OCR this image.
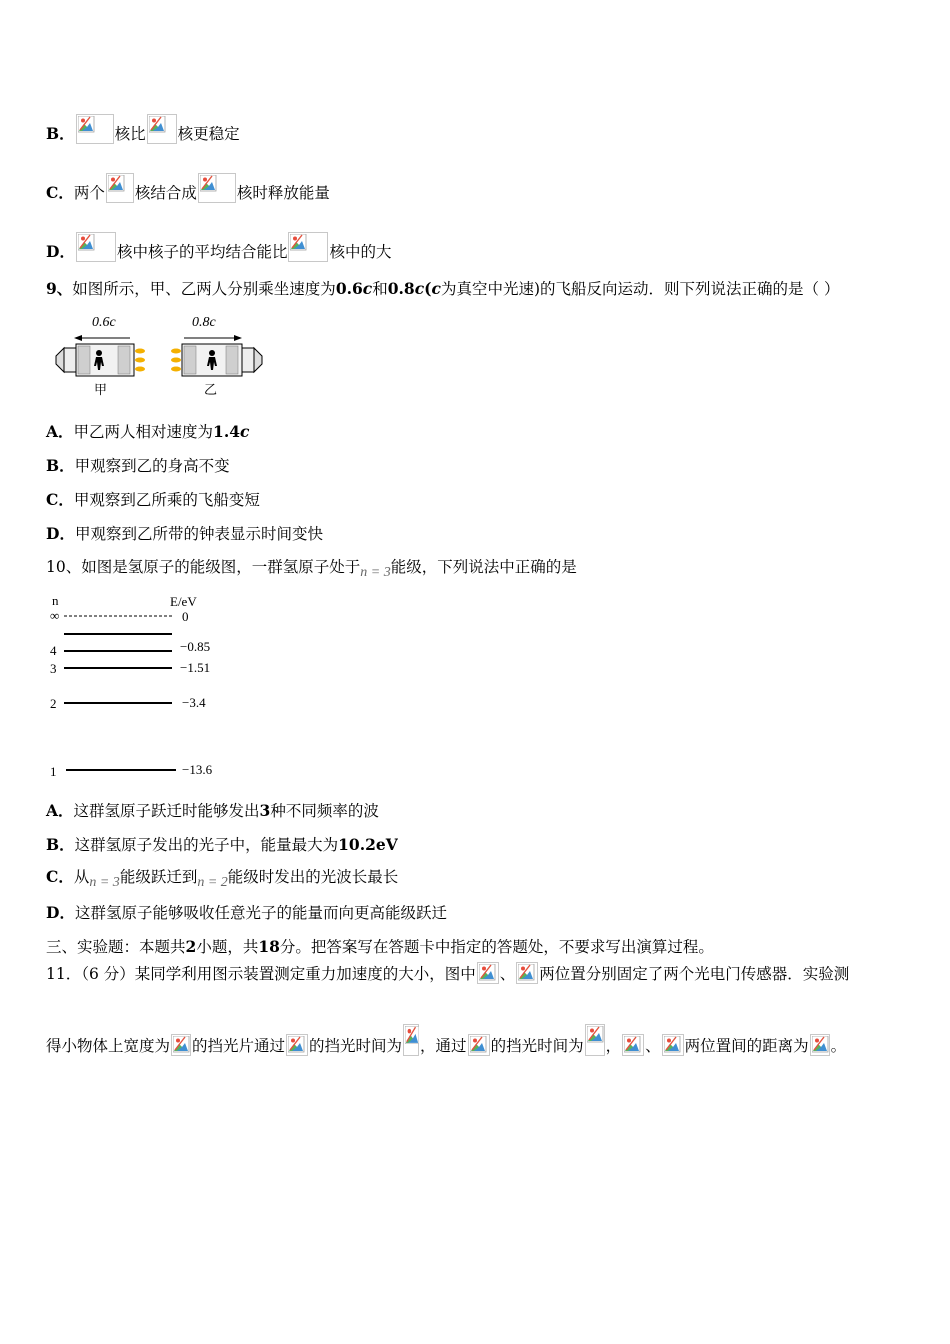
B．	核比 核更稳定
C．两个 核结合成	核时释放能量
D．	核中核子的平均结合能比	核中的大
9、如图所示，甲、乙两人分别乘坐速度为0.6c和0.8c(c为真空中光速)的飞船反向运动．则下列说法正确的是（ ）
0.6c	0.8c
甲	乙
A．甲乙两人相对速度为1.4c
B．甲观察到乙的身高不变
C．甲观察到乙所乘的飞船变短
D．甲观察到乙所带的钟表显示时间变快
10、如图是氢原子的能级图，一群氢原子处于n = 3能级，下列说法中正确的是
n	E/eV
∞	0
4	−0.85
3	−1.51
2	−3.4
1	−13.6
A．这群氢原子跃迁时能够发出3种不同频率的波
B．这群氢原子发出的光子中，能量最大为10.2eV
C．从n = 3能级跃迁到n = 2能级时发出的光波长最长
D．这群氢原子能够吸收任意光子的能量而向更高能级跃迁
三、实验题：本题共2小题，共18分。把答案写在答题卡中指定的答题处，不要求写出演算过程。
11．（6 分）某同学利用图示装置测定重力加速度的大小，图中 、 两位置分别固定了两个光电门传感器．实验测
得小物体上宽度为 的挡光片通过 的挡光时间为 ，通过 的挡光时间为 ， 、 两位置间的距离为 。
